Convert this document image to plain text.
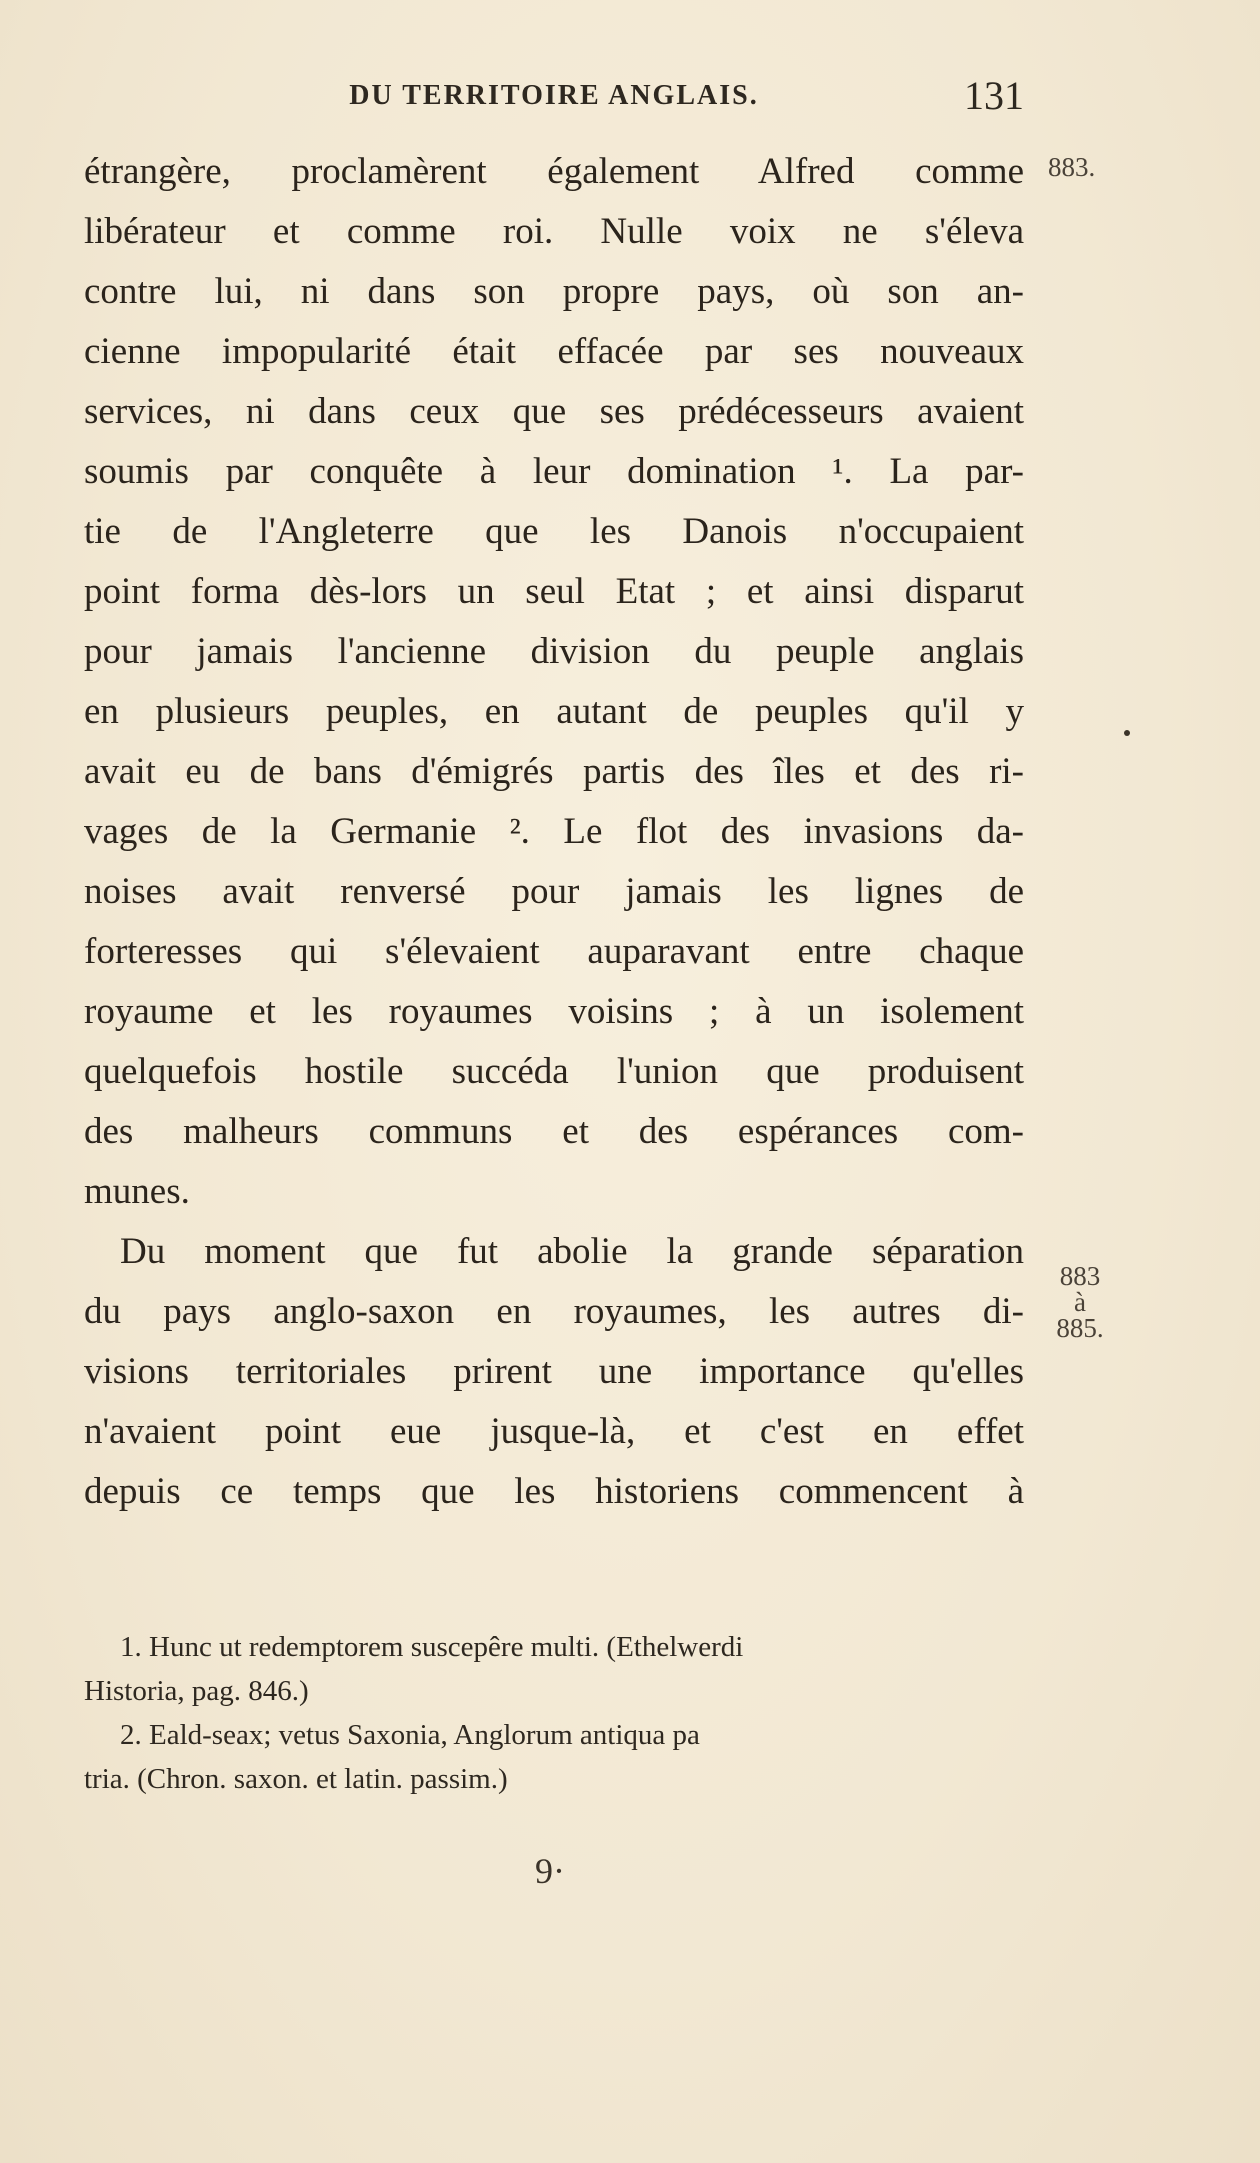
DU TERRITOIRE ANGLAIS.	131
étrangère, proclamèrent également Alfred comme
libérateur et comme roi. Nulle voix ne s'éleva
contre lui, ni dans son propre pays, où son an-
cienne impopularité était effacée par ses nouveaux
services, ni dans ceux que ses prédécesseurs avaient
soumis par conquête à leur domination ¹. La par-
tie de l'Angleterre que les Danois n'occupaient
point forma dès-lors un seul Etat ; et ainsi disparut
pour jamais l'ancienne division du peuple anglais
en plusieurs peuples, en autant de peuples qu'il y
avait eu de bans d'émigrés partis des îles et des ri-
vages de la Germanie ². Le flot des invasions da-
noises avait renversé pour jamais les lignes de
forteresses qui s'élevaient auparavant entre chaque
royaume et les royaumes voisins ; à un isolement
quelquefois hostile succéda l'union que produisent
des malheurs communs et des espérances com-
munes.
Du moment que fut abolie la grande séparation
du pays anglo-saxon en royaumes, les autres di-
visions territoriales prirent une importance qu'elles
n'avaient point eue jusque-là, et c'est en effet
depuis ce temps que les historiens commencent à
883.
883
à
885.
1. Hunc ut redemptorem suscepêre multi. (Ethelwerdi
Historia, pag. 846.)
2. Eald-seax; vetus Saxonia, Anglorum antiqua pa
tria. (Chron. saxon. et latin. passim.)
9·
